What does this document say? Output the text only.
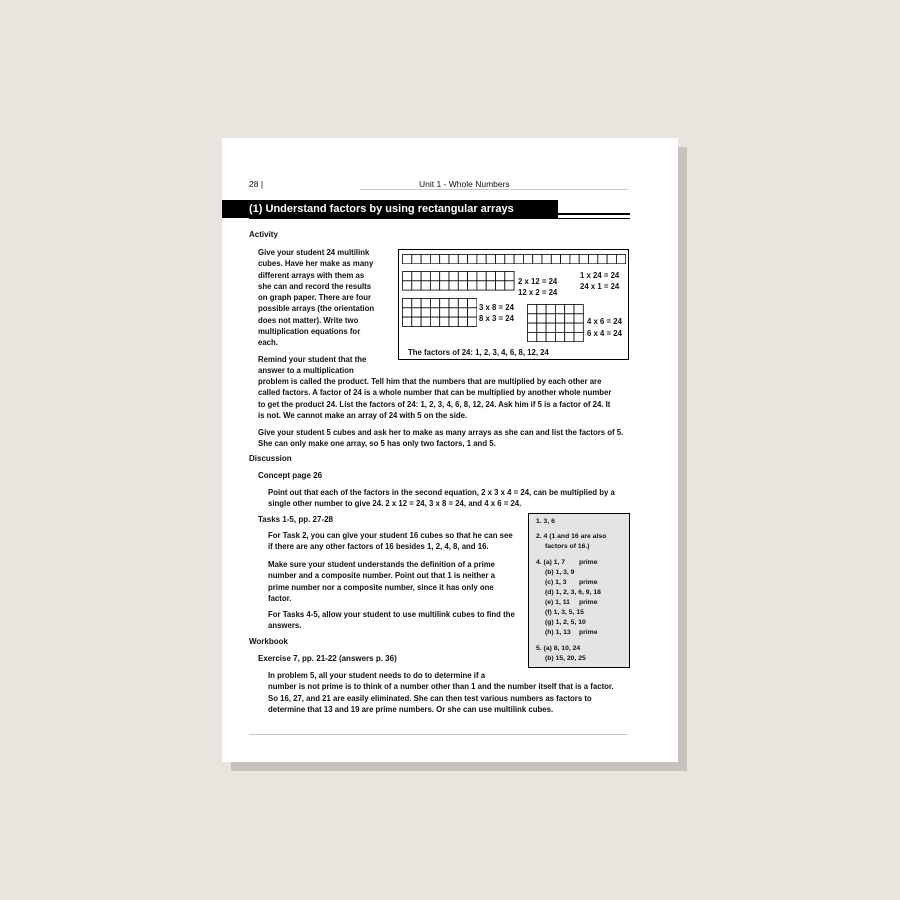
28 |	Unit 1 - Whole Numbers
(1) Understand factors by using rectangular arrays
Activity
Give your student 24 multilink
cubes. Have her make as many
different arrays with them as
she can and record the results
on graph paper. There are four
possible arrays (the orientation
does not matter). Write two
multiplication equations for
each.
2 x 12 = 24
12 x 2 = 24
1 x 24 = 24
24 x 1 = 24
3 x 8 = 24
8 x 3 = 24	4 x 6 = 24
6 x 4 = 24
The factors of 24: 1, 2, 3, 4, 6, 8, 12, 24
Remind your student that the
answer to a multiplication
problem is called the product. Tell him that the numbers that are multiplied by each other are
called factors. A factor of 24 is a whole number that can be multiplied by another whole number
to get the product 24. List the factors of 24: 1, 2, 3, 4, 6, 8, 12, 24. Ask him if 5 is a factor of 24. It
is not. We cannot make an array of 24 with 5 on the side.
Give your student 5 cubes and ask her to make as many arrays as she can and list the factors of 5.
She can only make one array, so 5 has only two factors, 1 and 5.
Discussion
Concept page 26
Point out that each of the factors in the second equation, 2 x 3 x 4 = 24, can be multiplied by a
single other number to give 24. 2 x 12 = 24, 3 x 8 = 24, and 4 x 6 = 24.
Tasks 1-5, pp. 27-28
For Task 2, you can give your student 16 cubes so that he can see
if there are any other factors of 16 besides 1, 2, 4, 8, and 16.
Make sure your student understands the definition of a prime
number and a composite number. Point out that 1 is neither a
prime number nor a composite number, since it has only one
factor.
For Tasks 4-5, allow your student to use multilink cubes to find the
answers.
1. 3, 6
2. 4 (1 and 16 are also
factors of 16.)
4. (a) 1, 7 prime
(b) 1, 3, 9
(c) 1, 3 prime
(d) 1, 2, 3, 6, 9, 18
(e) 1, 11 prime
(f) 1, 3, 5, 15
(g) 1, 2, 5, 10
(h) 1, 13 prime
5. (a) 8, 10, 24
(b) 15, 20, 25
Workbook
Exercise 7, pp. 21-22 (answers p. 36)
In problem 5, all your student needs to do to determine if a
number is not prime is to think of a number other than 1 and the number itself that is a factor.
So 16, 27, and 21 are easily eliminated. She can then test various numbers as factors to
determine that 13 and 19 are prime numbers. Or she can use multilink cubes.
